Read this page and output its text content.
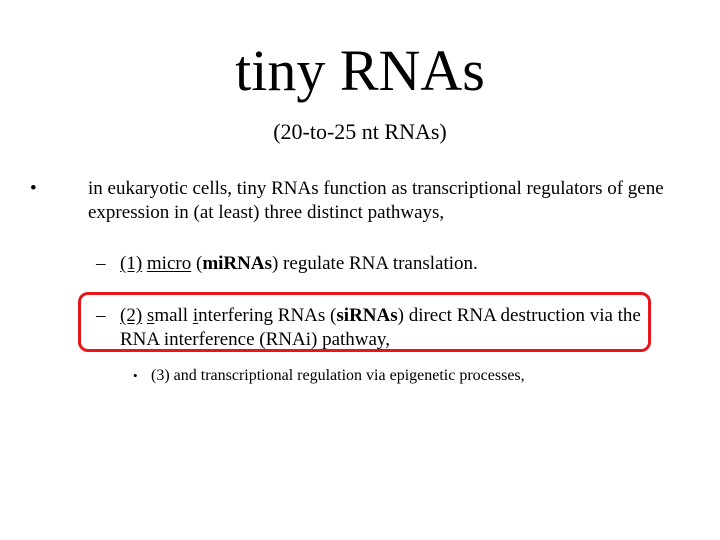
tiny RNAs
(20-to-25 nt RNAs)
•	in eukaryotic cells, tiny RNAs function as transcriptional regulators of gene expression in (at least) three distinct pathways,
– (1) micro (miRNAs) regulate RNA translation.
– (2) small interfering RNAs (siRNAs) direct RNA destruction via the RNA interference (RNAi) pathway,
• (3) and transcriptional regulation via epigenetic processes,
